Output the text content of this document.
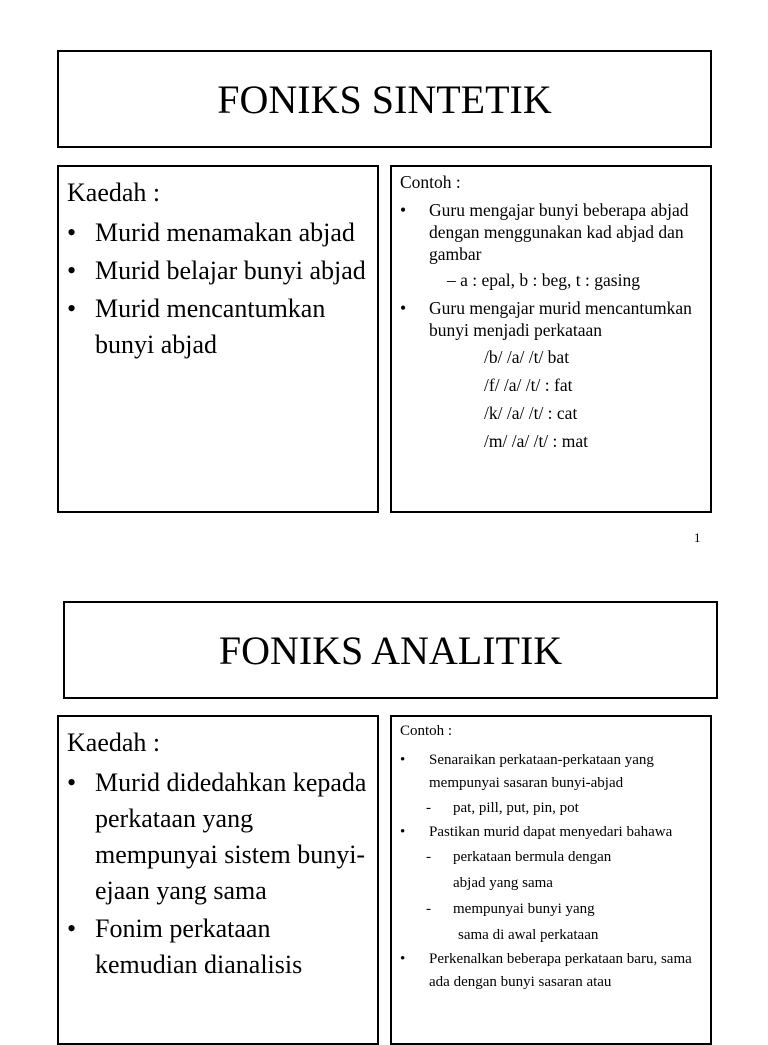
FONIKS SINTETIK
Kaedah :
• Murid menamakan abjad
• Murid belajar bunyi abjad
• Murid mencantumkan bunyi abjad
Contoh :
• Guru mengajar bunyi beberapa abjad dengan menggunakan kad abjad dan gambar
– a : epal, b : beg, t : gasing
• Guru mengajar murid mencantumkan bunyi menjadi perkataan
/b/ /a/ /t/ bat
/f/ /a/ /t/ : fat
/k/ /a/ /t/ : cat
/m/ /a/ /t/ : mat
1
FONIKS ANALITIK
Kaedah :
• Murid didedahkan kepada perkataan yang mempunyai sistem bunyi-ejaan yang sama
• Fonim perkataan kemudian dianalisis
Contoh :
• Senaraikan perkataan-perkataan yang mempunyai sasaran bunyi-abjad
- pat, pill, put, pin, pot
• Pastikan murid dapat menyedari bahawa
- perkataan bermula dengan
abjad yang sama
- mempunyai bunyi yang
sama di awal perkataan
• Perkenalkan beberapa perkataan baru, sama ada dengan bunyi sasaran atau
